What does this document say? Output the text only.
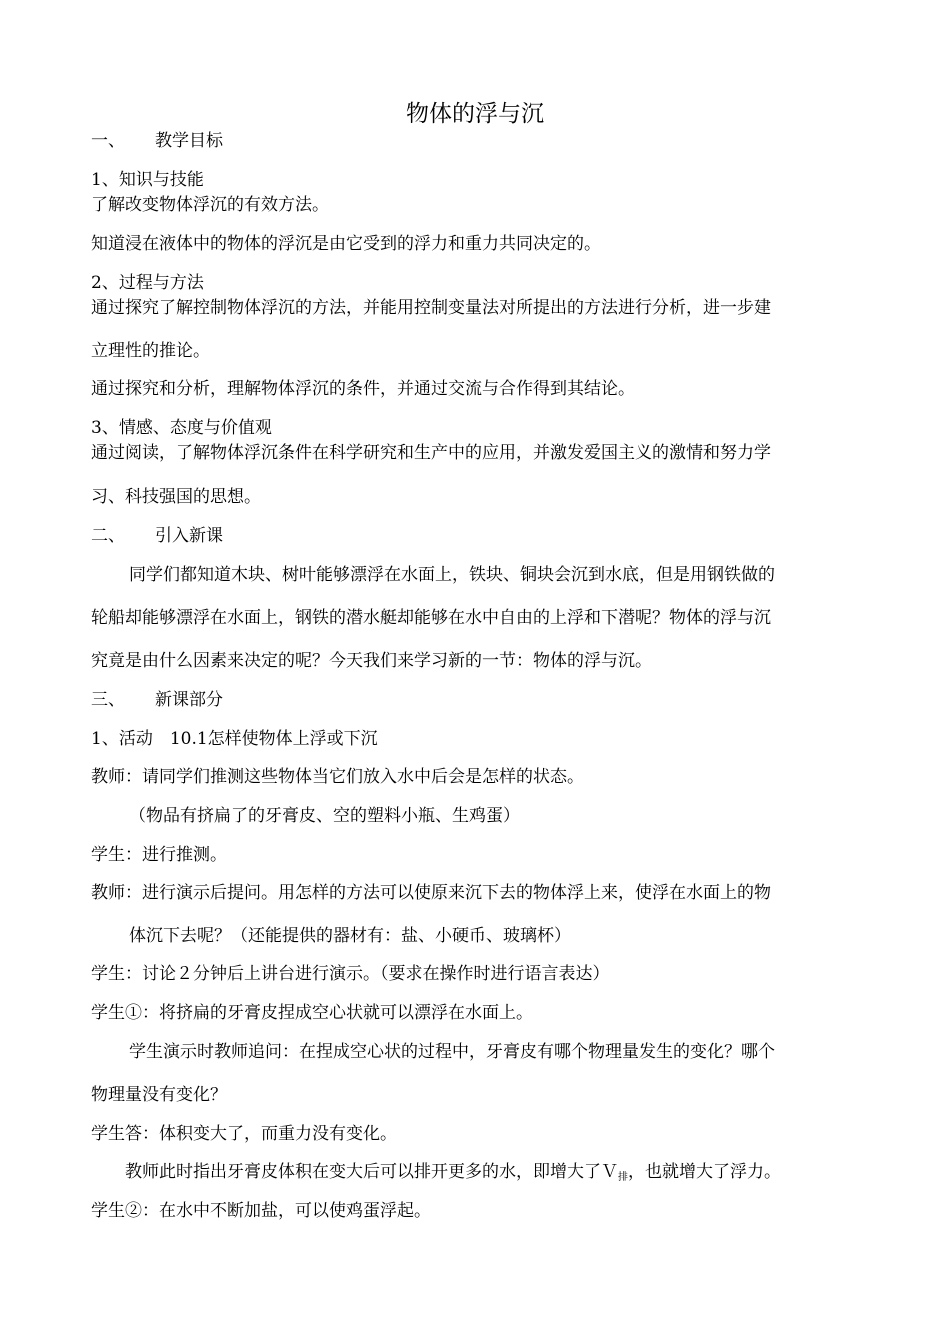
物体的浮与沉
一、 教学目标
1、知识与技能
了解改变物体浮沉的有效方法。
知道浸在液体中的物体的浮沉是由它受到的浮力和重力共同决定的。
2、过程与方法
通过探究了解控制物体浮沉的方法，并能用控制变量法对所提出的方法进行分析，进一步建
立理性的推论。
通过探究和分析，理解物体浮沉的条件，并通过交流与合作得到其结论。
3、情感、态度与价值观
通过阅读，了解物体浮沉条件在科学研究和生产中的应用，并激发爱国主义的激情和努力学
习、科技强国的思想。
二、 引入新课
同学们都知道木块、树叶能够漂浮在水面上，铁块、铜块会沉到水底，但是用钢铁做的
轮船却能够漂浮在水面上，钢铁的潜水艇却能够在水中自由的上浮和下潜呢？物体的浮与沉
究竟是由什么因素来决定的呢？今天我们来学习新的一节：物体的浮与沉。
三、 新课部分
1、活动　10.1怎样使物体上浮或下沉
教师：请同学们推测这些物体当它们放入水中后会是怎样的状态。
（物品有挤扁了的牙膏皮、空的塑料小瓶、生鸡蛋）
学生：进行推测。
教师：进行演示后提问。用怎样的方法可以使原来沉下去的物体浮上来，使浮在水面上的物
体沉下去呢？（还能提供的器材有：盐、小硬币、玻璃杯）
学生：讨论２分钟后上讲台进行演示。（要求在操作时进行语言表达）
学生①：将挤扁的牙膏皮捏成空心状就可以漂浮在水面上。
学生演示时教师追问：在捏成空心状的过程中，牙膏皮有哪个物理量发生的变化？哪个
物理量没有变化？
学生答：体积变大了，而重力没有变化。
教师此时指出牙膏皮体积在变大后可以排开更多的水，即增大了Ｖ$_排$，也就增大了浮力。
学生②：在水中不断加盐，可以使鸡蛋浮起。
